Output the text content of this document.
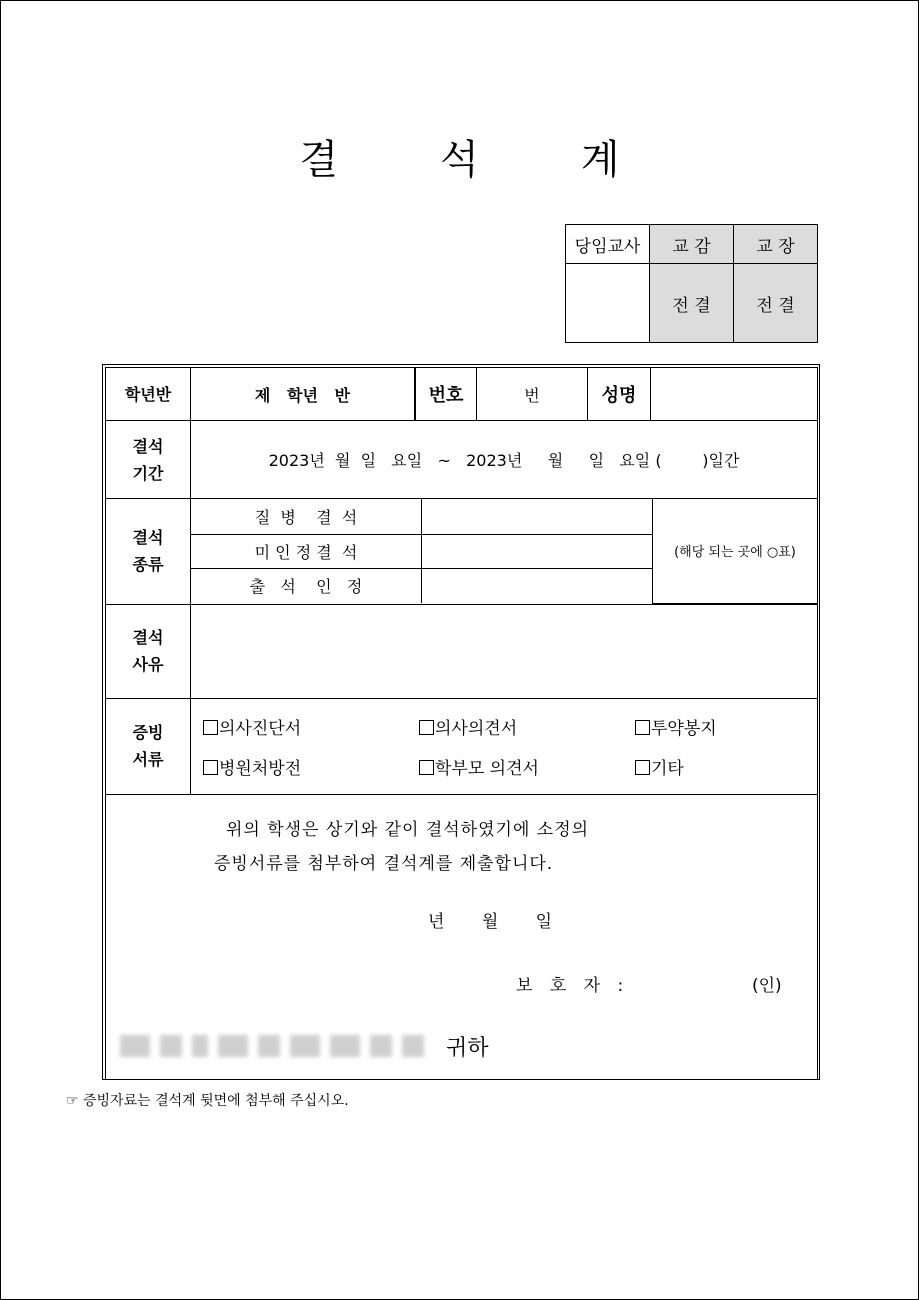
결	석	계
당임교사	교 감	교 장
	전 결	전 결
학년반	제   학년   반	번호	번	성명	

결석
기간
	2023년  월  일   요일   ~   2023년     월     일   요일 (        )일간

결석
종류

질  병    결  석		(해당 되는 곳에 ○표)
미 인 정 결  석	
출   석    인   정	

결석
사유

증빙
서류

의사진단서	의사의견서	투약봉지
병원처방전	학부모 의견서	기타

위의 학생은 상기와 같이 결석하였기에 소정의
증빙서류를 첨부하여 결석계를 제출합니다.
년 월 일
보 호 자 :	(인)
귀하
☞ 증빙자료는 결석계 뒷면에 첨부해 주십시오.
